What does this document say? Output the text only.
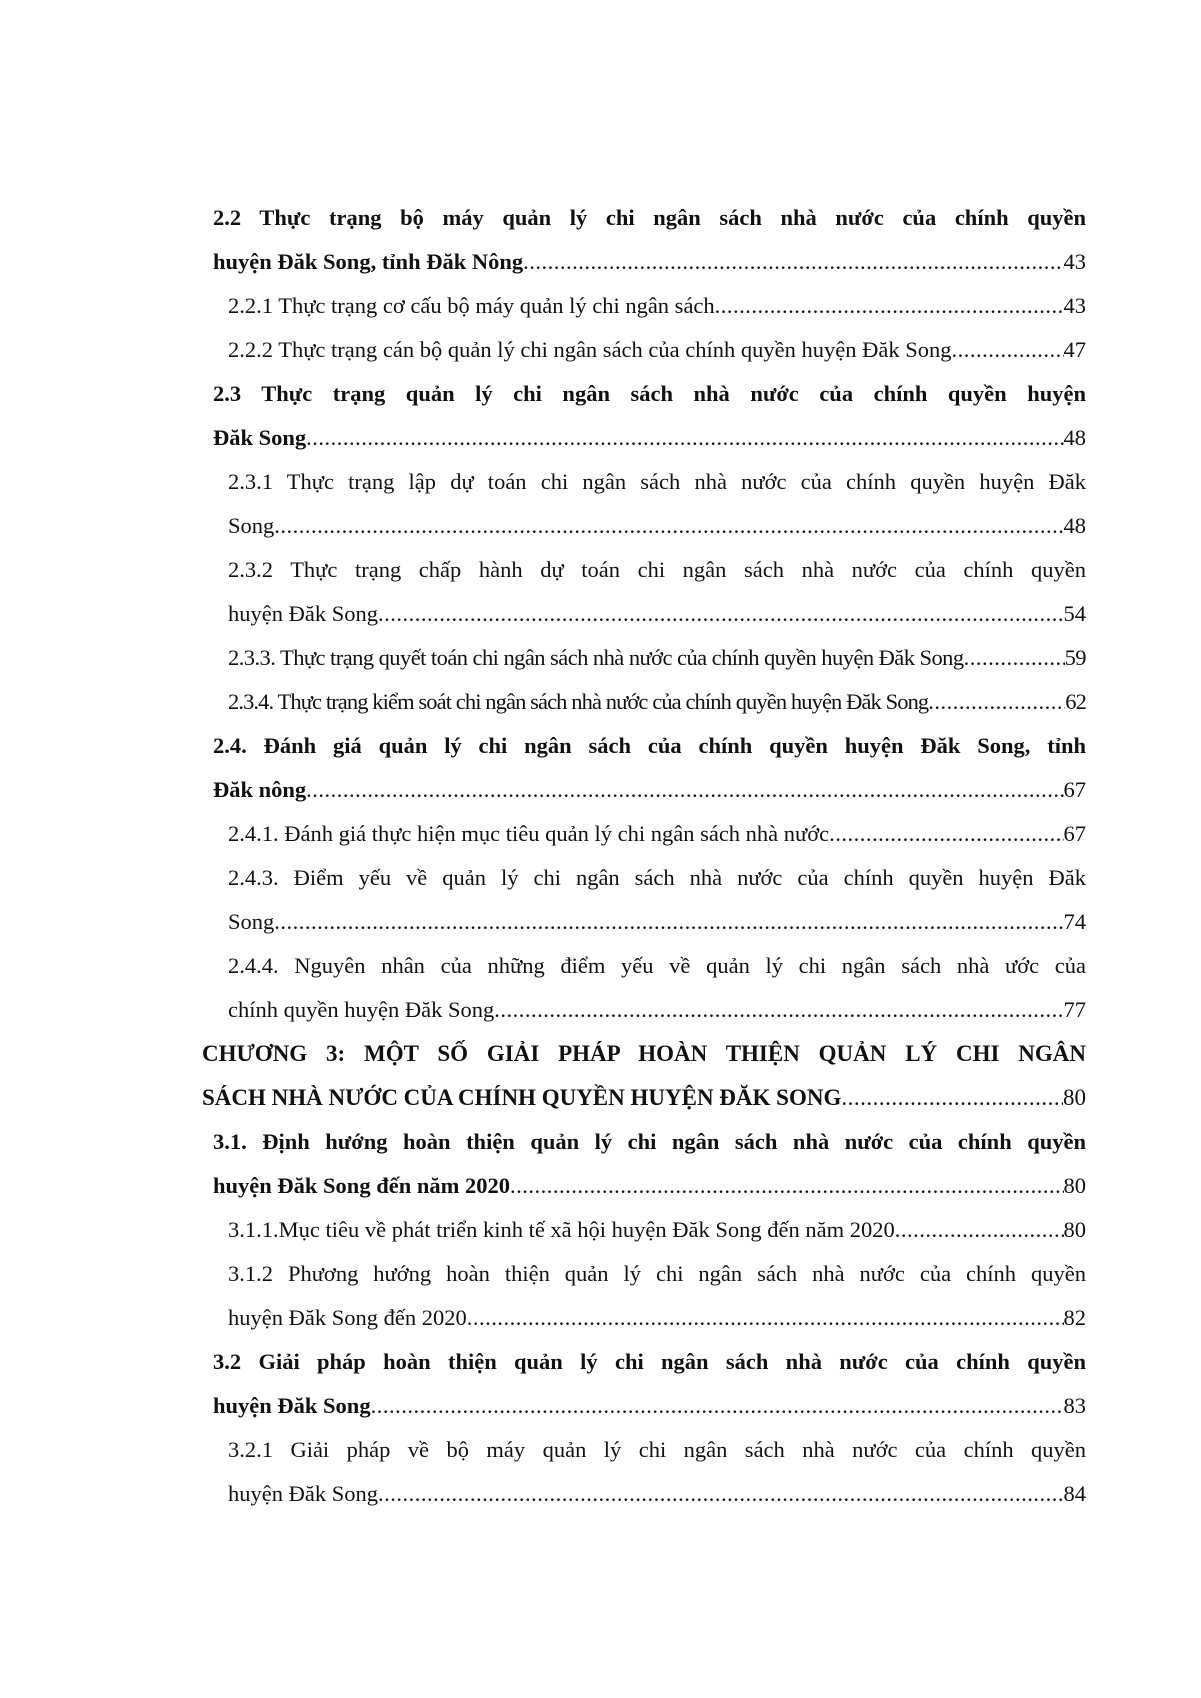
2.2 Thực trạng bộ máy quản lý chi ngân sách nhà nước của chính quyền
huyện Đăk Song, tỉnh Đăk Nông .....	43
2.2.1 Thực trạng cơ cấu bộ máy quản lý chi ngân sách .....	43
2.2.2 Thực trạng cán bộ quản lý chi ngân sách của chính quyền huyện Đăk Song .....	47
2.3 Thực trạng quản lý chi ngân sách nhà nước của chính quyền huyện
Đăk Song .....	48
2.3.1 Thực trạng lập dự toán chi ngân sách nhà nước của chính quyền huyện Đăk
Song .....	48
2.3.2 Thực trạng chấp hành dự toán chi ngân sách nhà nước của chính quyền
huyện Đăk Song .....	54
2.3.3. Thực trạng quyết toán chi ngân sách nhà nước của chính quyền huyện Đăk Song .....	59
2.3.4. Thực trạng kiểm soát chi ngân sách nhà nước của chính quyền huyện Đăk Song .....	62
2.4. Đánh giá quản lý chi ngân sách của chính quyền huyện Đăk Song, tỉnh
Đăk nông .....	67
2.4.1. Đánh giá thực hiện mục tiêu quản lý chi ngân sách nhà nước .....	67
2.4.3. Điểm yếu về quản lý chi ngân sách nhà nước của chính quyền huyện Đăk
Song .....	74
2.4.4. Nguyên nhân của những điểm yếu về quản lý chi ngân sách nhà ước của
chính quyền huyện Đăk Song .....	77
CHƯƠNG 3: MỘT SỐ GIẢI PHÁP HOÀN THIỆN QUẢN LÝ CHI NGÂN
SÁCH NHÀ NƯỚC CỦA CHÍNH QUYỀN HUYỆN ĐĂK SONG .....	80
3.1. Định hướng hoàn thiện quản lý chi ngân sách nhà nước của chính quyền
huyện Đăk Song đến năm 2020 .....	80
3.1.1.Mục tiêu về phát triển kinh tế xã hội huyện Đăk Song đến năm 2020 .....	80
3.1.2 Phương hướng hoàn thiện quản lý chi ngân sách nhà nước của chính quyền
huyện Đăk Song đến 2020 .....	82
3.2 Giải pháp hoàn thiện quản lý chi ngân sách nhà nước của chính quyền
huyện Đăk Song .....	83
3.2.1 Giải pháp về bộ máy quản lý chi ngân sách nhà nước của chính quyền
huyện Đăk Song .....	84
